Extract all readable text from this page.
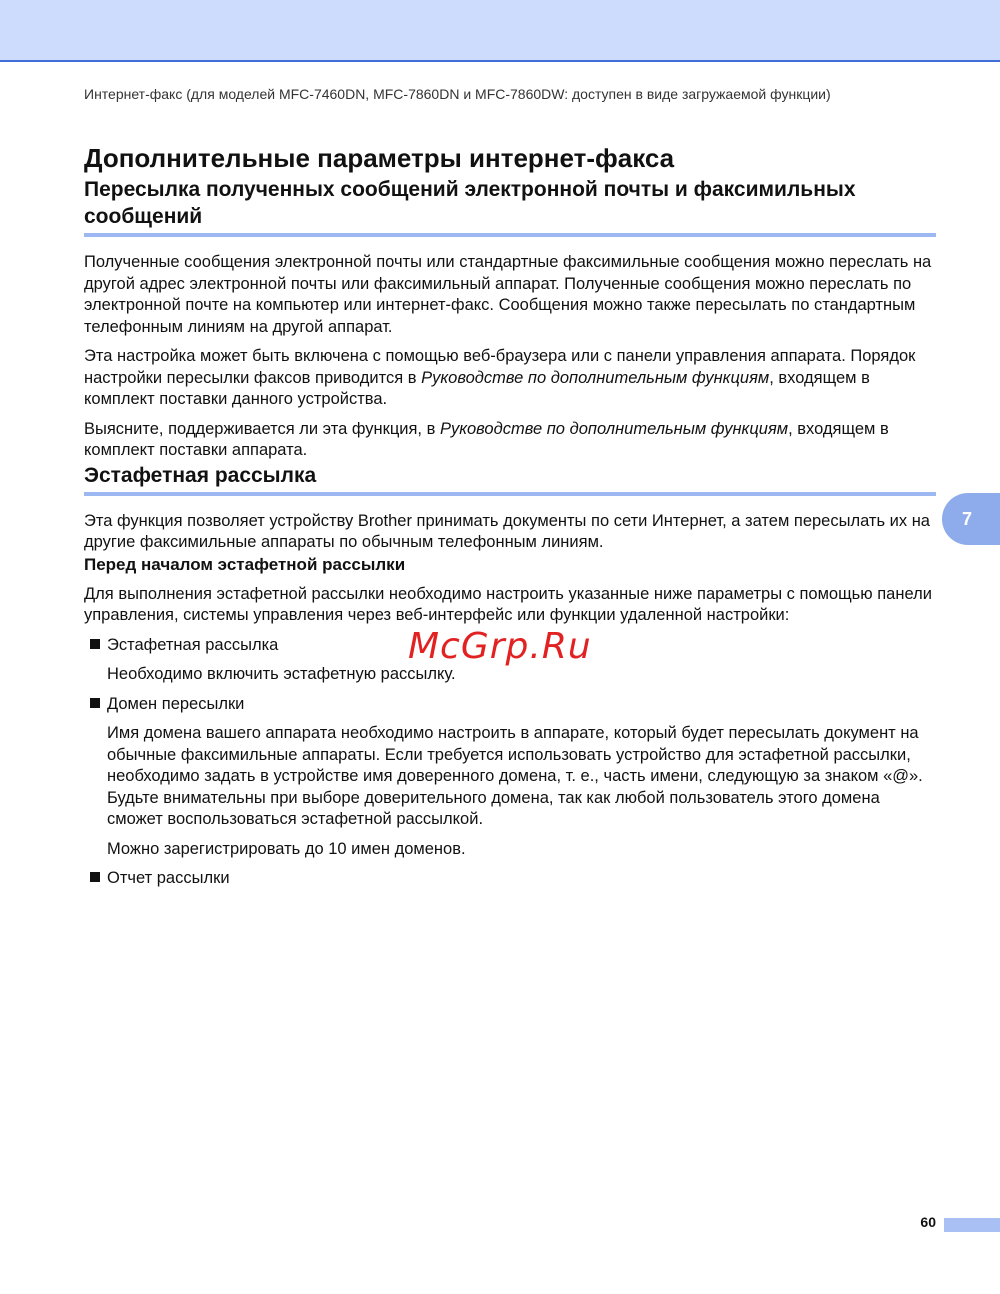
Интернет-факс (для моделей MFC-7460DN, MFC-7860DN и MFC-7860DW: доступен в виде загружаемой функции)
7
Дополнительные параметры интернет-факса
Пересылка полученных сообщений электронной почты и факсимильных сообщений

Полученные сообщения электронной почты или стандартные факсимильные сообщения можно переслать на другой адрес электронной почты или факсимильный аппарат. Полученные сообщения можно переслать по электронной почте на компьютер или интернет-факс. Сообщения можно также пересылать по стандартным телефонным линиям на другой аппарат.

Эта настройка может быть включена с помощью веб-браузера или с панели управления аппарата. Порядок настройки пересылки факсов приводится в Руководстве по дополнительным функциям, входящем в комплект поставки данного устройства.

Выясните, поддерживается ли эта функция, в Руководстве по дополнительным функциям, входящем в комплект поставки аппарата.

Эстафетная рассылка

Эта функция позволяет устройству Brother принимать документы по сети Интернет, а затем пересылать их на другие факсимильные аппараты по обычным телефонным линиям.

Перед началом эстафетной рассылки

Для выполнения эстафетной рассылки необходимо настроить указанные ниже параметры с помощью панели управления, системы управления через веб-интерфейс или функции удаленной настройки:

Эстафетная рассылка

Необходимо включить эстафетную рассылку.

Домен пересылки

Имя домена вашего аппарата необходимо настроить в аппарате, который будет пересылать документ на обычные факсимильные аппараты. Если требуется использовать устройство для эстафетной рассылки, необходимо задать в устройстве имя доверенного домена, т. е., часть имени, следующую за знаком «@». Будьте внимательны при выборе доверительного домена, так как любой пользователь этого домена сможет воспользоваться эстафетной рассылкой.

Можно зарегистрировать до 10 имен доменов.

Отчет рассылки
McGrp.Ru
60
